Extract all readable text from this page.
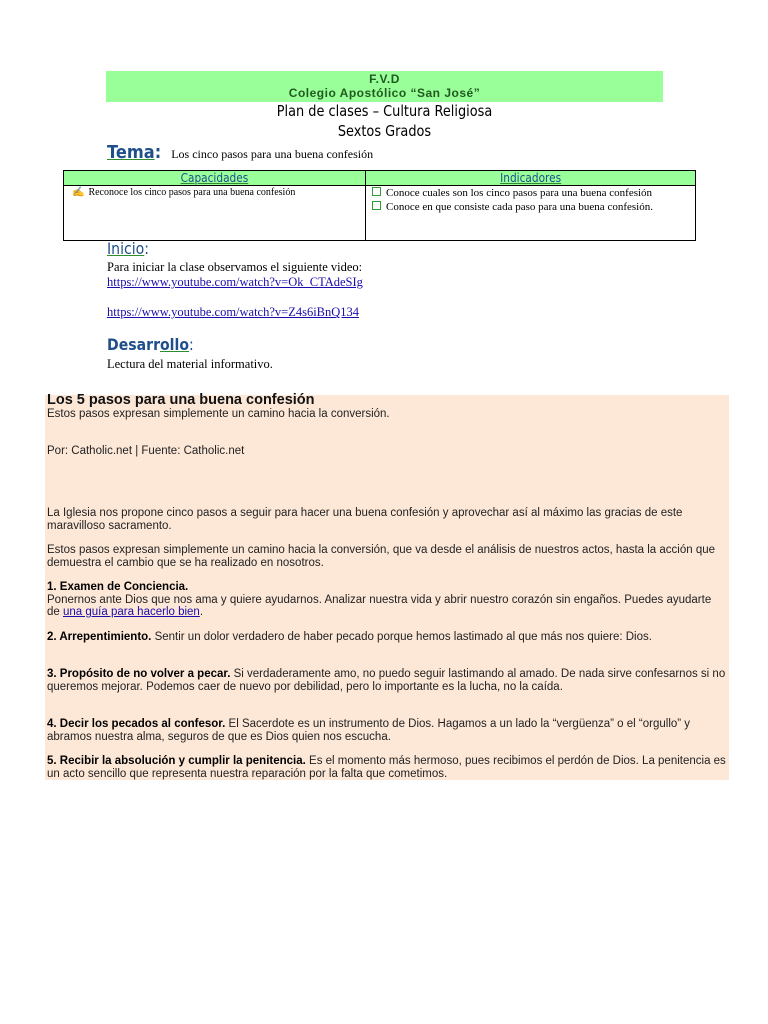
F.V.D
Colegio Apostólico “San José”
Plan de clases – Cultura Religiosa
Sextos Grados
Tema: Los cinco pasos para una buena confesión
Capacidades	Indicadores
✍ Reconoce los cinco pasos para una buena confesión	Conoce cuales son los cinco pasos para una buena confesión
Conoce en que consiste cada paso para una buena confesión.
Inicio:
Para iniciar la clase observamos el siguiente video:
https://www.youtube.com/watch?v=Ok_CTAdeSIg
https://www.youtube.com/watch?v=Z4s6iBnQ134
Desarrollo:
Lectura del material informativo.
Los 5 pasos para una buena confesión
Estos pasos expresan simplemente un camino hacia la conversión.
Por: Catholic.net | Fuente: Catholic.net
La Iglesia nos propone cinco pasos a seguir para hacer una buena confesión y aprovechar así al máximo las gracias de este maravilloso sacramento.
Estos pasos expresan simplemente un camino hacia la conversión, que va desde el análisis de nuestros actos, hasta la acción que demuestra el cambio que se ha realizado en nosotros.
1. Examen de Conciencia.
Ponernos ante Dios que nos ama y quiere ayudarnos. Analizar nuestra vida y abrir nuestro corazón sin engaños. Puedes ayudarte de una guía para hacerlo bien.
2. Arrepentimiento. Sentir un dolor verdadero de haber pecado porque hemos lastimado al que más nos quiere: Dios.
3. Propósito de no volver a pecar. Si verdaderamente amo, no puedo seguir lastimando al amado. De nada sirve confesarnos si no queremos mejorar. Podemos caer de nuevo por debilidad, pero lo importante es la lucha, no la caída.
4. Decir los pecados al confesor. El Sacerdote es un instrumento de Dios. Hagamos a un lado la “vergüenza” o el “orgullo” y abramos nuestra alma, seguros de que es Dios quien nos escucha.
5. Recibir la absolución y cumplir la penitencia. Es el momento más hermoso, pues recibimos el perdón de Dios. La penitencia es un acto sencillo que representa nuestra reparación por la falta que cometimos.
